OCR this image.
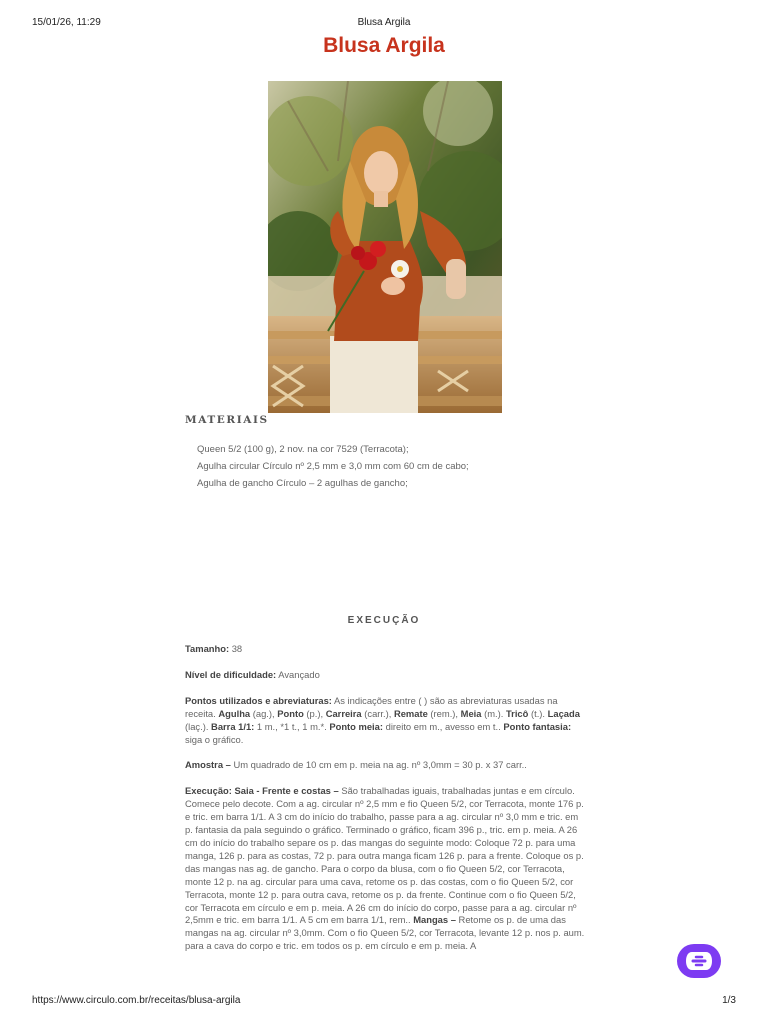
15/01/26, 11:29	Blusa Argila
Blusa Argila
MATERIAIS
Queen 5/2 (100 g), 2 nov. na cor 7529 (Terracota);
Agulha circular Círculo nº 2,5 mm e 3,0 mm com 60 cm de cabo;
Agulha de gancho Círculo – 2 agulhas de gancho;
EXECUÇÃO

Tamanho: 38

Nível de dificuldade: Avançado

Pontos utilizados e abreviaturas: As indicações entre ( ) são as abreviaturas usadas na receita. Agulha (ag.), Ponto (p.), Carreira (carr.), Remate (rem.), Meia (m.). Tricô (t.). Laçada (laç.). Barra 1/1: 1 m., *1 t., 1 m.*. Ponto meia: direito em m., avesso em t.. Ponto fantasia: siga o gráfico.

Amostra – Um quadrado de 10 cm em p. meia na ag. nº 3,0mm = 30 p. x 37 carr..

Execução: Saia - Frente e costas – São trabalhadas iguais, trabalhadas juntas e em círculo. Comece pelo decote. Com a ag. circular nº 2,5 mm e fio Queen 5/2, cor Terracota, monte 176 p. e tric. em barra 1/1. A 3 cm do início do trabalho, passe para a ag. circular nº 3,0 mm e tric. em p. fantasia da pala seguindo o gráfico. Terminado o gráfico, ficam 396 p., tric. em p. meia. A 26 cm do início do trabalho separe os p. das mangas do seguinte modo: Coloque 72 p. para uma manga, 126 p. para as costas, 72 p. para outra manga ficam 126 p. para a frente. Coloque os p. das mangas nas ag. de gancho. Para o corpo da blusa, com o fio Queen 5/2, cor Terracota, monte 12 p. na ag. circular para uma cava, retome os p. das costas, com o fio Queen 5/2, cor Terracota, monte 12 p. para outra cava, retome os p. da frente. Continue com o fio Queen 5/2, cor Terracota em círculo e em p. meia. A 26 cm do início do corpo, passe para a ag. circular nº 2,5mm e tric. em barra 1/1. A 5 cm em barra 1/1, rem.. Mangas – Retome os p. de uma das mangas na ag. circular nº 3,0mm. Com o fio Queen 5/2, cor Terracota, levante 12 p. nos p. aum. para a cava do corpo e tric. em todos os p. em círculo e em p. meia. A

https://www.circulo.com.br/receitas/blusa-argila	1/3
